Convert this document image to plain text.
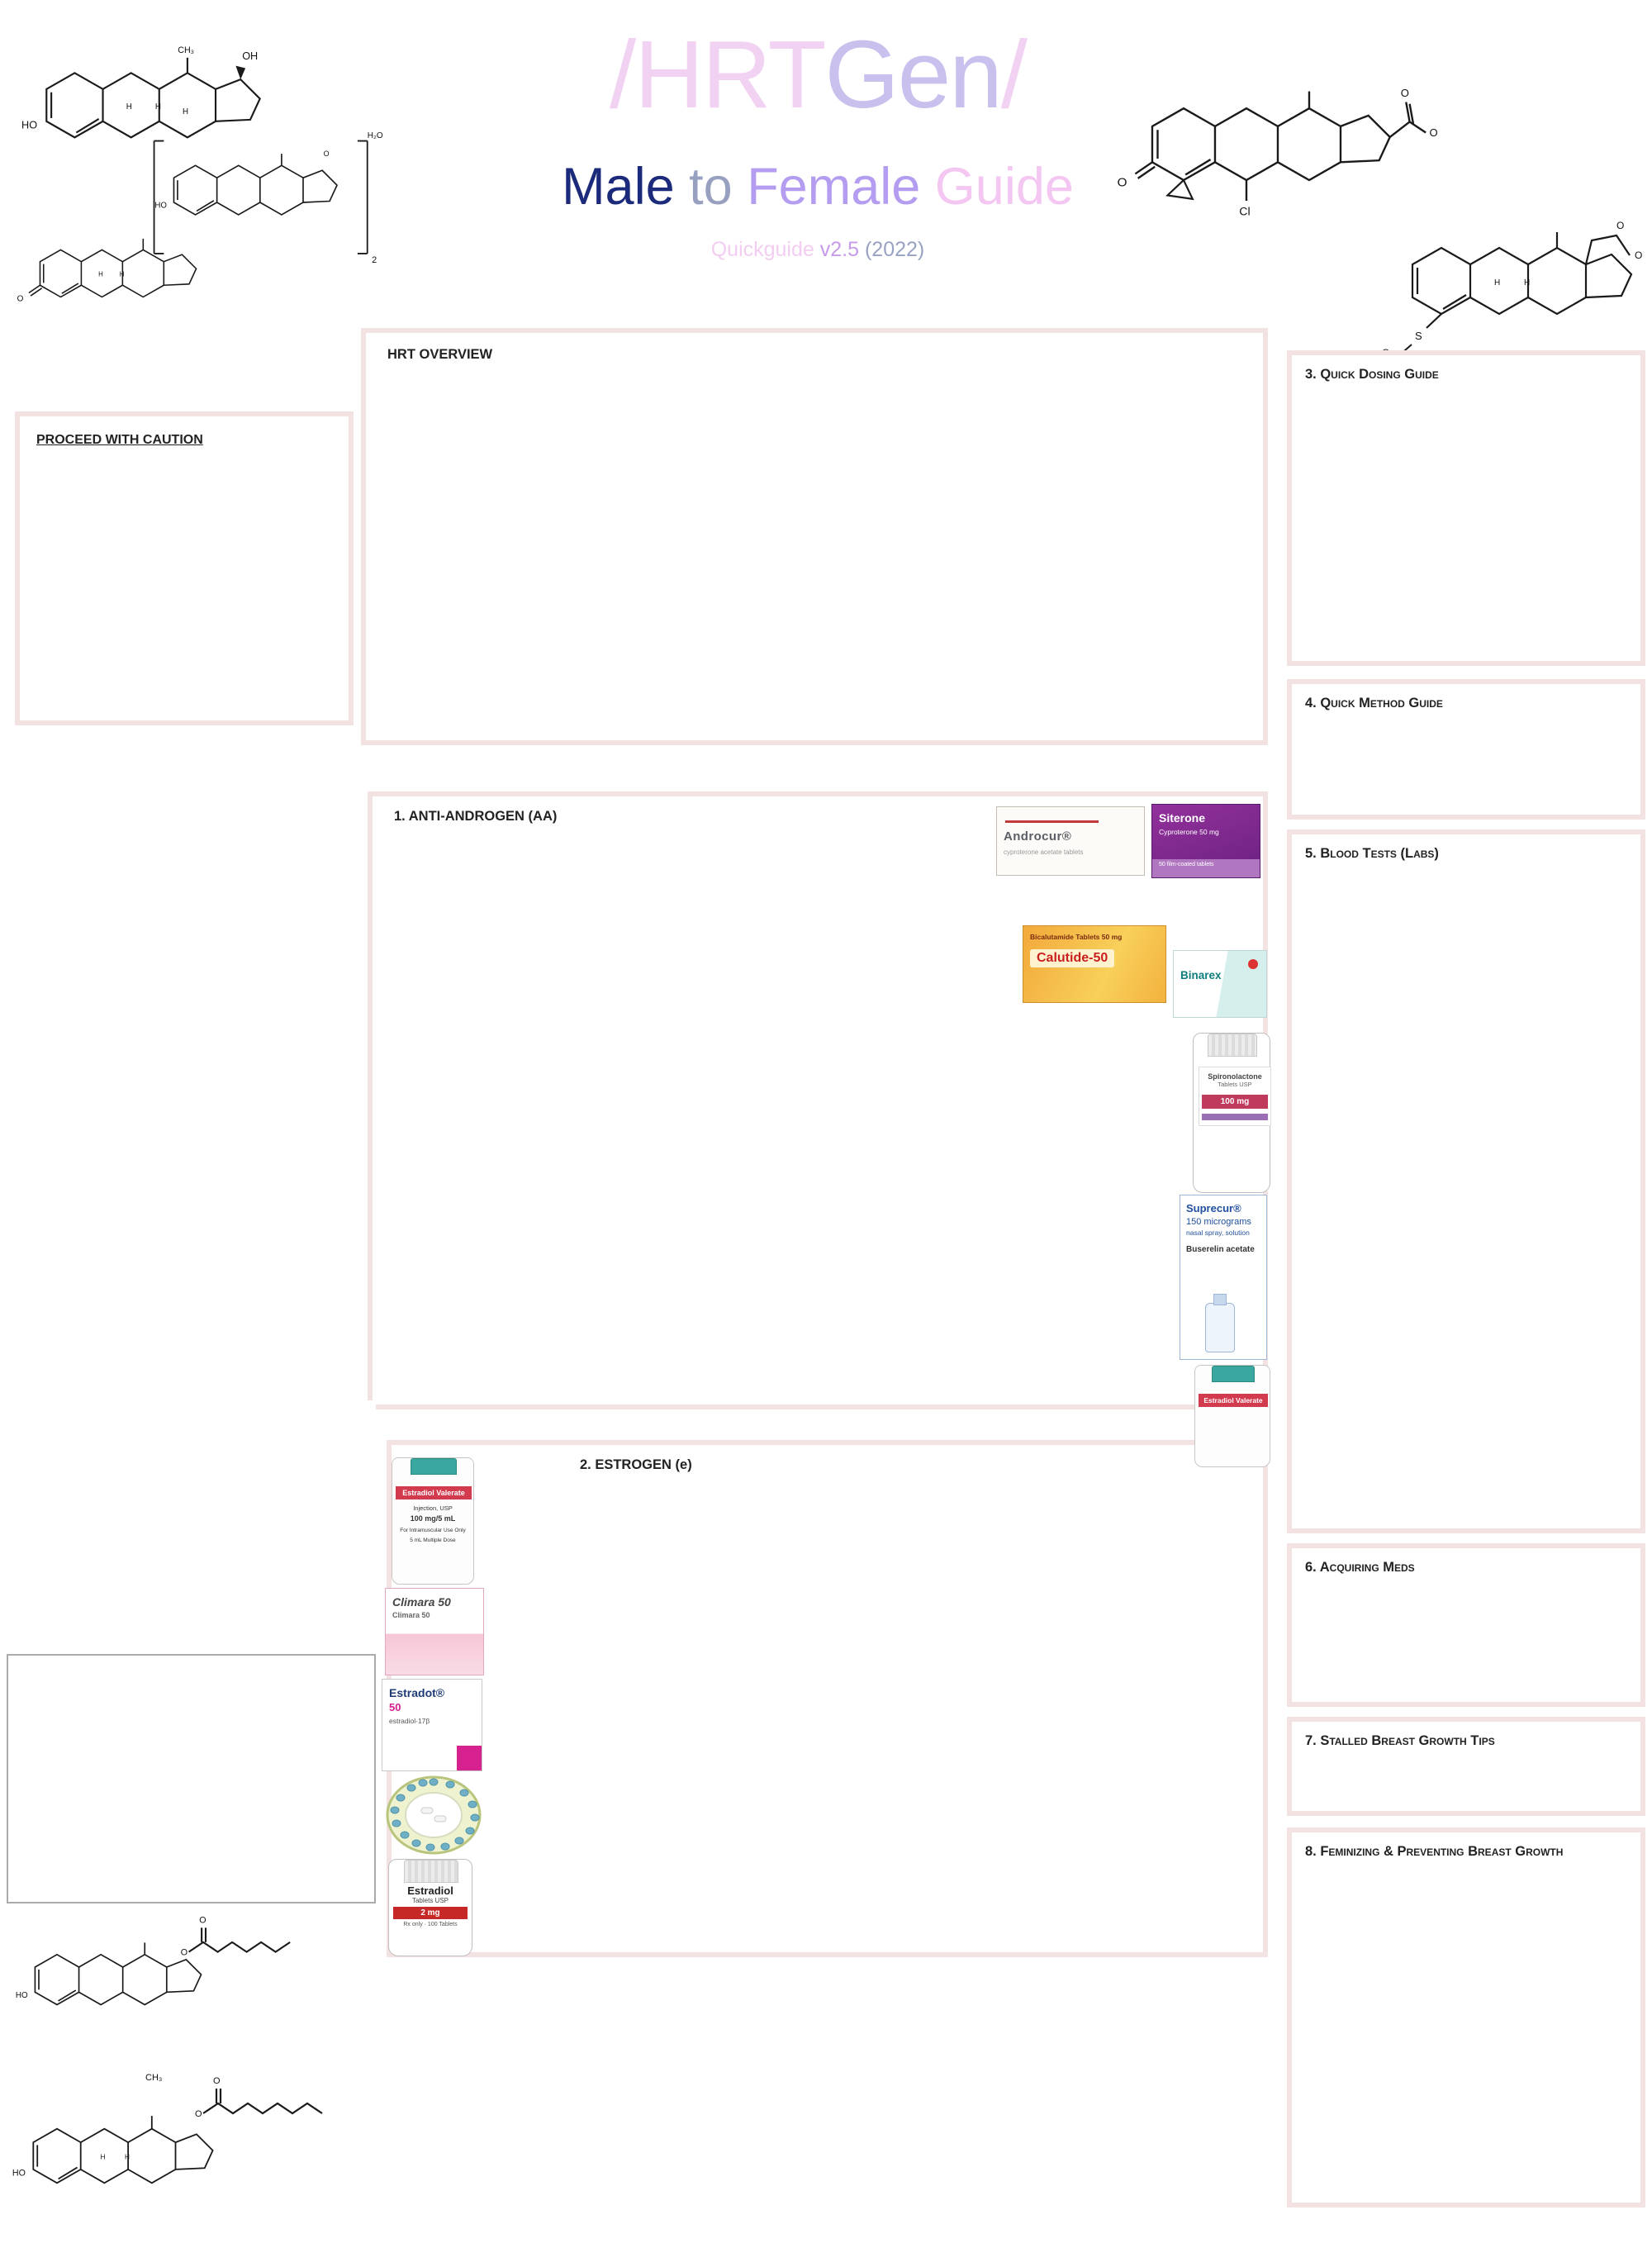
/HRTGen/
Male to Female Guide
Quickguide v2.5 (2022)
HO
OH
CH₃
H	H
H
2
H₂O
HO
O
O
H H
O
Cl
O
O
O
O
S
H	H
HO
O
O
HO
H H
CH₃
O
O
PROCEED WITH CAUTION
HRT OVERVIEW
1. ANTI-ANDROGEN (AA)
2. ESTROGEN (e)
3. Quick Dosing Guide
4. Quick Method Guide
5. Blood Tests (Labs)
6. Acquiring Meds
7. Stalled Breast Growth Tips
8. Feminizing & Preventing Breast Growth
Androcur®
cyproterone acetate tablets
Siterone
Cyproterone 50 mg
50 film-coated tablets
Bicalutamide Tablets 50 mg
Calutide-50
Binarex
Spironolactone
Tablets USP
100 mg
Suprecur®
150 micrograms
nasal spray, solution
Buserelin acetate
Estradiol Valerate
Estradiol Valerate
Injection, USP
100 mg/5 mL
For Intramuscular Use Only
5 mL Multiple Dose
Climara 50
Climara 50
Estradot®
50
estradiol-17β
Estradiol
Tablets USP
2 mg
Rx only · 100 Tablets
